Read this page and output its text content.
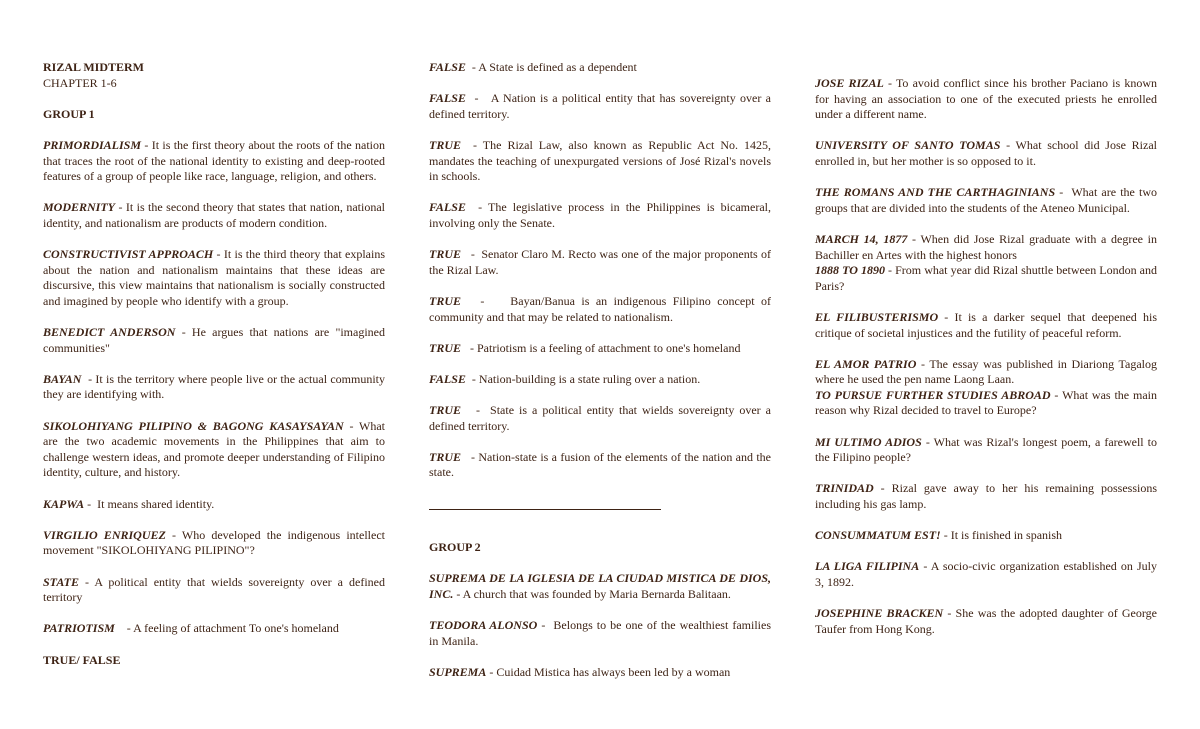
RIZAL MIDTERM
CHAPTER 1-6
GROUP 1
PRIMORDIALISM - It is the first theory about the roots of the nation that traces the root of the national identity to existing and deep-rooted features of a group of people like race, language, religion, and others.
MODERNITY - It is the second theory that states that nation, national identity, and nationalism are products of modern condition.
CONSTRUCTIVIST APPROACH - It is the third theory that explains about the nation and nationalism maintains that these ideas are discursive, this view maintains that nationalism is socially constructed and imagined by people who identify with a group.
BENEDICT ANDERSON - He argues that nations are "imagined communities"
BAYAN  - It is the territory where people live or the actual community they are identifying with.
SIKOLOHIYANG PILIPINO & BAGONG KASAYSAYAN - What are the two academic movements in the Philippines that aim to challenge western ideas, and promote deeper understanding of Filipino identity, culture, and history.
KAPWA -  It means shared identity.
VIRGILIO ENRIQUEZ - Who developed the indigenous intellect movement "SIKOLOHIYANG PILIPINO"?
STATE - A political entity that wields sovereignty over a defined territory
PATRIOTISM    - A feeling of attachment To one's homeland
TRUE/ FALSE
FALSE  - A State is defined as a dependent
FALSE  -   A Nation is a political entity that has sovereignty over a defined territory.
TRUE  - The Rizal Law, also known as Republic Act No. 1425, mandates the teaching of unexpurgated versions of José Rizal's novels in schools.
FALSE  - The legislative process in the Philippines is bicameral, involving only the Senate.
TRUE   -  Senator Claro M. Recto was one of the major proponents of the Rizal Law.
TRUE   -    Bayan/Banua is an indigenous Filipino concept of community and that may be related to nationalism.
TRUE   - Patriotism is a feeling of attachment to one's homeland
FALSE  - Nation-building is a state ruling over a nation.
TRUE   -  State is a political entity that wields sovereignty over a defined territory.
TRUE   - Nation-state is a fusion of the elements of the nation and the state.
GROUP 2
SUPREMA DE LA IGLESIA DE LA CIUDAD MISTICA DE DIOS, INC. - A church that was founded by Maria Bernarda Balitaan.
TEODORA ALONSO -  Belongs to be one of the wealthiest families in Manila.
SUPREMA - Cuidad Mistica has always been led by a woman
JOSE RIZAL - To avoid conflict since his brother Paciano is known for having an association to one of the executed priests he enrolled under a different name.
UNIVERSITY OF SANTO TOMAS - What school did Jose Rizal enrolled in, but her mother is so opposed to it.
THE ROMANS AND THE CARTHAGINIANS -  What are the two groups that are divided into the students of the Ateneo Municipal.
MARCH 14, 1877 - When did Jose Rizal graduate with a degree in Bachiller en Artes with the highest honors
1888 TO 1890 - From what year did Rizal shuttle between London and Paris?
EL FILIBUSTERISMO - It is a darker sequel that deepened his critique of societal injustices and the futility of peaceful reform.
EL AMOR PATRIO - The essay was published in Diariong Tagalog where he used the pen name Laong Laan.
TO PURSUE FURTHER STUDIES ABROAD - What was the main reason why Rizal decided to travel to Europe?
MI ULTIMO ADIOS - What was Rizal's longest poem, a farewell to the Filipino people?
TRINIDAD - Rizal gave away to her his remaining possessions including his gas lamp.
CONSUMMATUM EST! - It is finished in spanish
LA LIGA FILIPINA - A socio-civic organization established on July 3, 1892.
JOSEPHINE BRACKEN - She was the adopted daughter of George Taufer from Hong Kong.
